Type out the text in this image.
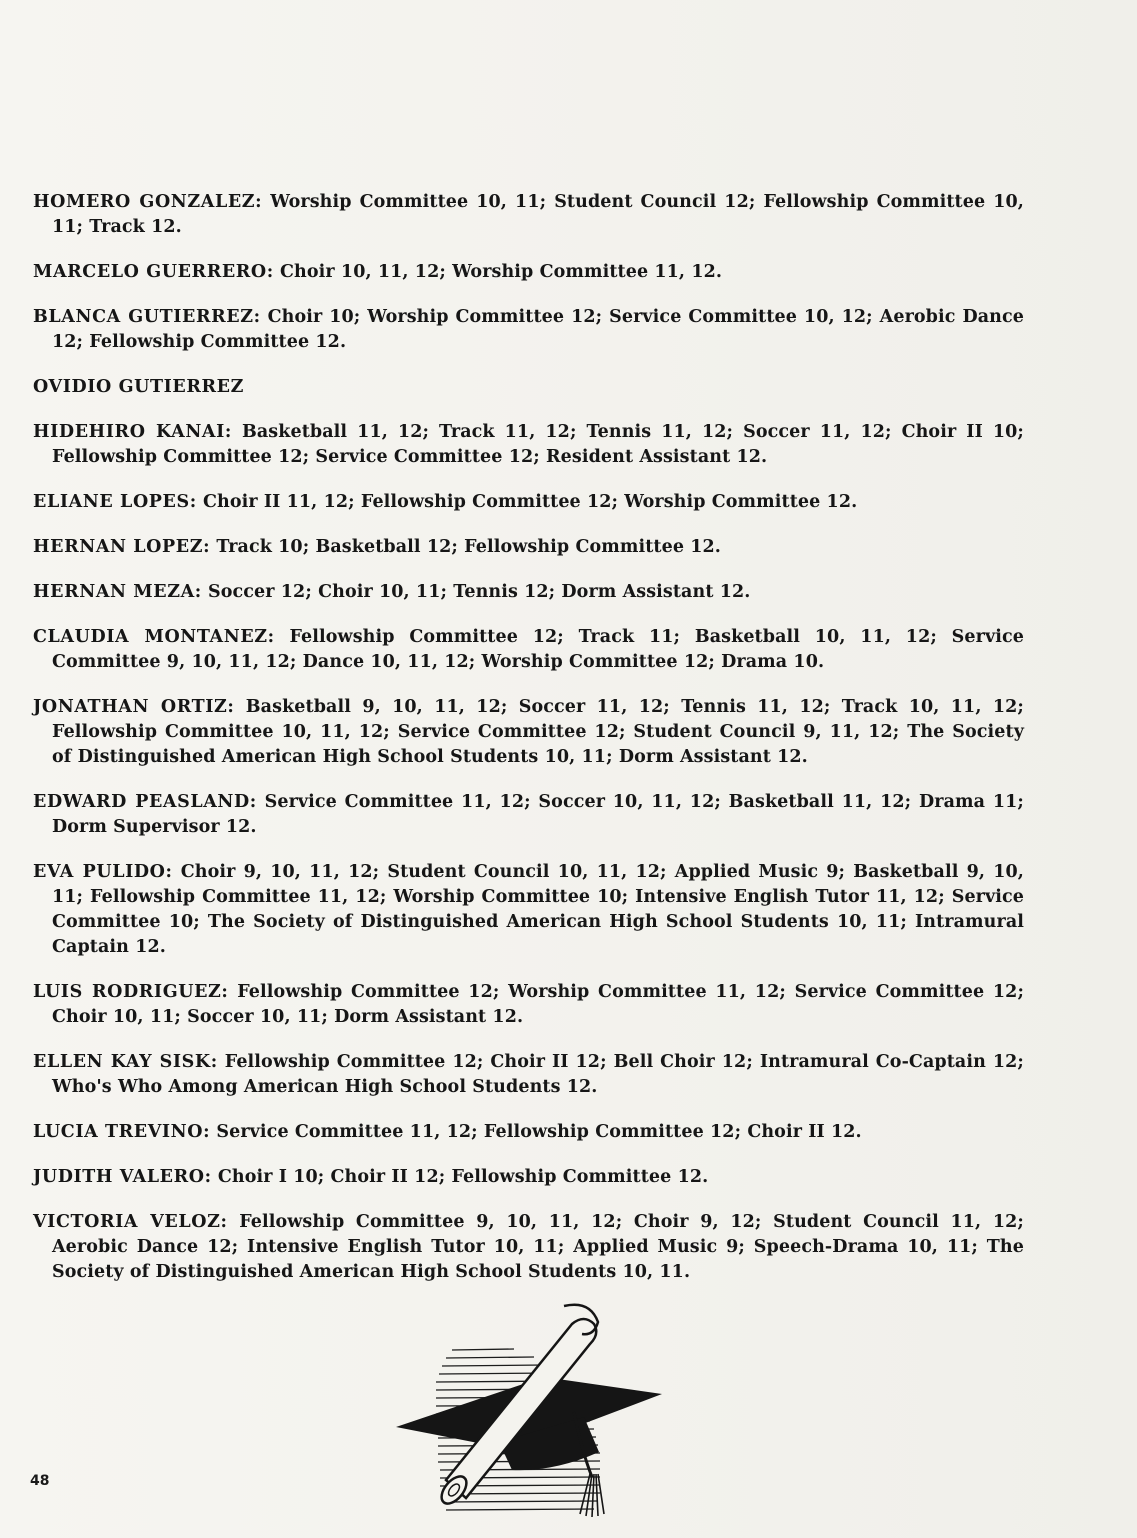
HOMERO GONZALEZ: Worship Committee 10, 11; Student Council 12; Fellowship Committee 10, 11; Track 12.

MARCELO GUERRERO: Choir 10, 11, 12; Worship Committee 11, 12.

BLANCA GUTIERREZ: Choir 10; Worship Committee 12; Service Committee 10, 12; Aerobic Dance 12; Fellowship Committee 12.

OVIDIO GUTIERREZ

HIDEHIRO KANAI: Basketball 11, 12; Track 11, 12; Tennis 11, 12; Soccer 11, 12; Choir II 10; Fellowship Committee 12; Service Committee 12; Resident Assistant 12.

ELIANE LOPES: Choir II 11, 12; Fellowship Committee 12; Worship Committee 12.

HERNAN LOPEZ: Track 10; Basketball 12; Fellowship Committee 12.

HERNAN MEZA: Soccer 12; Choir 10, 11; Tennis 12; Dorm Assistant 12.

CLAUDIA MONTANEZ: Fellowship Committee 12; Track 11; Basketball 10, 11, 12; Service Committee 9, 10, 11, 12; Dance 10, 11, 12; Worship Committee 12; Drama 10.

JONATHAN ORTIZ: Basketball 9, 10, 11, 12; Soccer 11, 12; Tennis 11, 12; Track 10, 11, 12; Fellowship Committee 10, 11, 12; Service Committee 12; Student Council 9, 11, 12; The Society of Distinguished American High School Students 10, 11; Dorm Assistant 12.

EDWARD PEASLAND: Service Committee 11, 12; Soccer 10, 11, 12; Basketball 11, 12; Drama 11; Dorm Supervisor 12.

EVA PULIDO: Choir 9, 10, 11, 12; Student Council 10, 11, 12; Applied Music 9; Basketball 9, 10, 11; Fellowship Committee 11, 12; Worship Committee 10; Intensive English Tutor 11, 12; Service Committee 10; The Society of Distinguished American High School Students 10, 11; Intramural Captain 12.

LUIS RODRIGUEZ: Fellowship Committee 12; Worship Committee 11, 12; Service Committee 12; Choir 10, 11; Soccer 10, 11; Dorm Assistant 12.

ELLEN KAY SISK: Fellowship Committee 12; Choir II 12; Bell Choir 12; Intramural Co-Captain 12; Who's Who Among American High School Students 12.

LUCIA TREVINO: Service Committee 11, 12; Fellowship Committee 12; Choir II 12.

JUDITH VALERO: Choir I 10; Choir II 12; Fellowship Committee 12.

VICTORIA VELOZ: Fellowship Committee 9, 10, 11, 12; Choir 9, 12; Student Council 11, 12; Aerobic Dance 12; Intensive English Tutor 10, 11; Applied Music 9; Speech-Drama 10, 11; The Society of Distinguished American High School Students 10, 11.

48
